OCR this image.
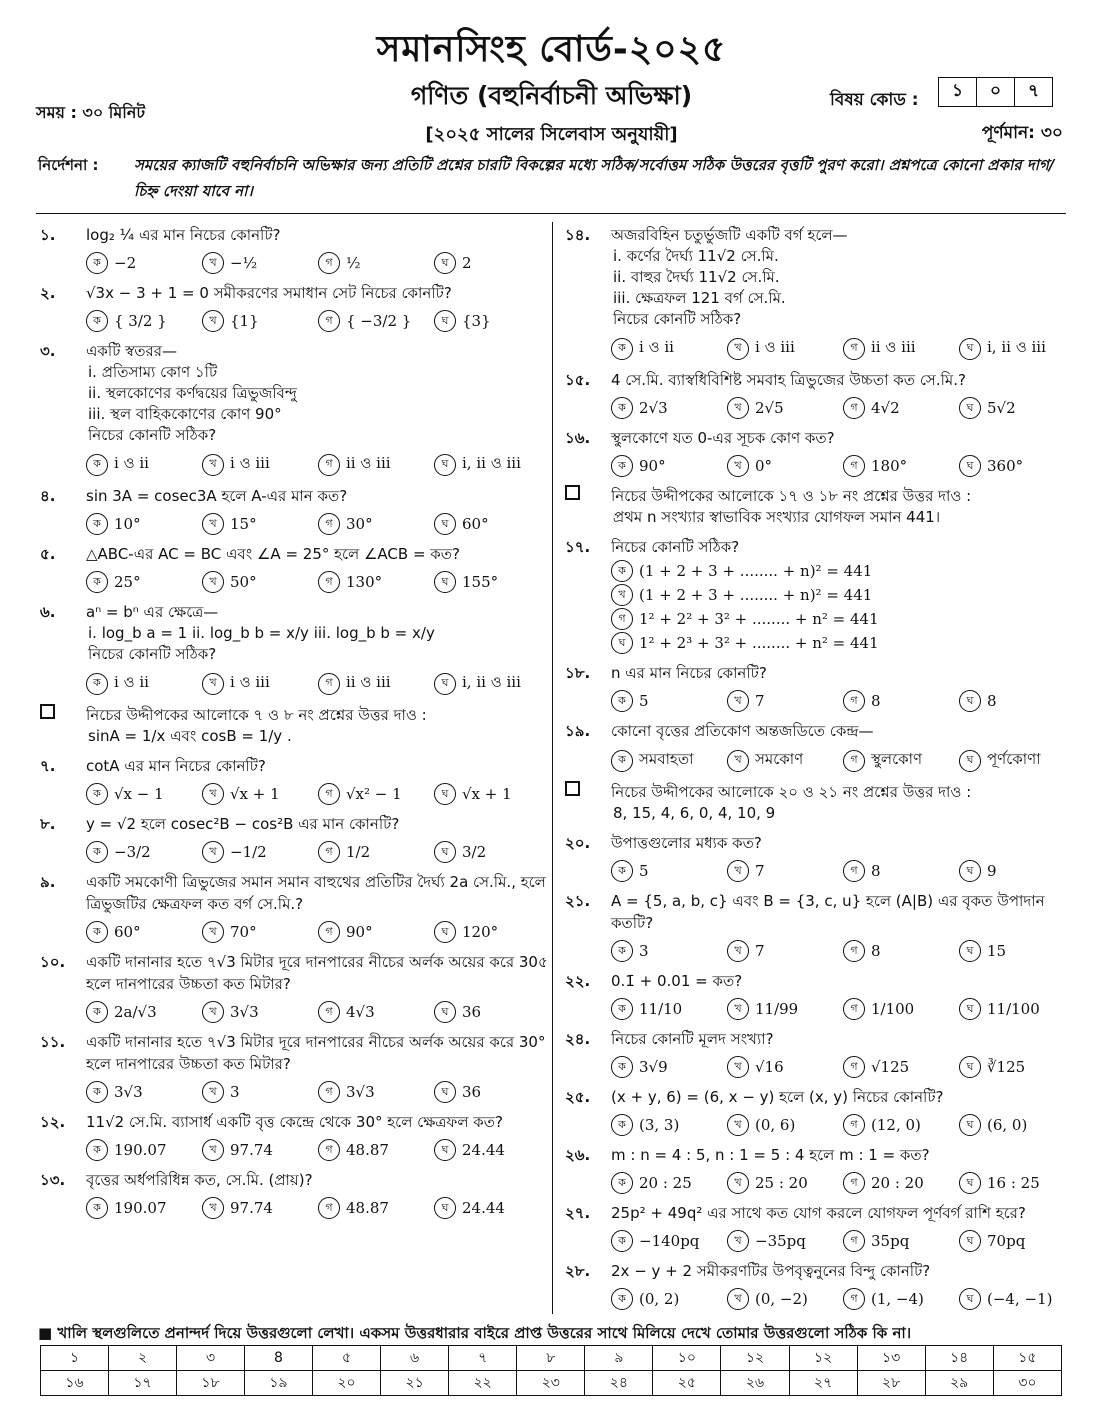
সমানসিংহ বোর্ড-২০২৫
গণিত (বহুনির্বাচনী অভিক্ষা)
[২০২৫ সালের সিলেবাস অনুযায়ী]
সময় : ৩০ মিনিট
বিষয় কোড :	১	০	৭
পূর্ণমান: ৩০
নির্দেশনা : সময়ের ক্যাজটি বহুনির্বাচনি অভিক্ষার জন্য প্রতিটি প্রশ্নের চারটি বিকল্পের মধ্যে সঠিক/সর্বোত্তম সঠিক উত্তরের বৃত্তটি পুরণ করো। প্রশ্নপত্রে কোনো প্রকার দাগ/চিহ্ন দেংয়া যাবে না।
১. log₂ ¼ এর মান নিচের কোনটি?
ক −2	খ −½	গ ½	ঘ 2
২. √3x − 3 + 1 = 0 সমীকরণের সমাধান সেট নিচের কোনটি?
ক { 3/2 }	খ {1}	গ { −3/2 }	ঘ {3}
৩. একটি স্বতরর—
i. প্রতিসাম্য কোণ ১টি
ii. স্থলকোণের কর্ণদ্বয়ের ত্রিভুজবিন্দু
iii. স্থল বাহিককোণের কোণ 90°
নিচের কোনটি সঠিক?
ক i ও ii	খ i ও iii	গ ii ও iii	ঘ i, ii ও iii
৪. sin 3A = cosec3A হলে A-এর মান কত?
ক 10°	খ 15°	গ 30°	ঘ 60°
৫. △ABC-এর AC = BC এবং ∠A = 25° হলে ∠ACB = কত?
ক 25°	খ 50°	গ 130°	ঘ 155°
৬. aⁿ = bⁿ এর ক্ষেত্রে—
i. log_b a = 1 ii. log_b b = x/y iii. log_b b = x/y
নিচের কোনটি সঠিক?
ক i ও ii	খ i ও iii	গ ii ও iii	ঘ i, ii ও iii
নিচের উদ্দীপকের আলোকে ৭ ও ৮ নং প্রশ্নের উত্তর দাও :
sinA = 1/x এবং cosB = 1/y .
৭. cotA এর মান নিচের কোনটি?
ক √x − 1	খ √x + 1	গ √x² − 1	ঘ √x + 1
৮. y = √2 হলে cosec²B − cos²B এর মান কোনটি?
ক −3/2	খ −1/2	গ 1/2	ঘ 3/2
৯. একটি সমকোণী ত্রিভুজের সমান সমান বাহুথের প্রতিটির দৈর্ঘ্য 2a সে.মি., হলে ত্রিভুজটির ক্ষেত্রফল কত বর্গ সে.মি.?
ক 60°	খ 70°	গ 90°	ঘ 120°
১০. একটি দানানার হতে ৭√3 মিটার দূরে দানপারের নীচের অর্লক অয়ের করে 30৫ হলে দানপারের উচ্চতা কত মিটার?
ক 2a/√3	খ 3√3	গ 4√3	ঘ 36
১১. একটি দানানার হতে ৭√3 মিটার দূরে দানপারের নীচের অর্লক অয়ের করে 30° হলে দানপারের উচ্চতা কত মিটার?
ক 3√3	খ 3	গ 3√3	ঘ 36
১২. 11√2 সে.মি. ব্যাসার্ধ একটি বৃত্ত কেন্দ্রে থেকে 30° হলে ক্ষেত্রফল কত?
ক 190.07	খ 97.74	গ 48.87	ঘ 24.44
১৩. বৃত্তের অর্ধপরিধিন্ন কত, সে.মি. (প্রায়)?
ক 190.07	খ 97.74	গ 48.87	ঘ 24.44
১৪. অজরবিহিন চতুর্ভুজটি একটি বর্গ হলে—
i. কর্ণের দৈর্ঘ্য 11√2 সে.মি.
ii. বাহুর দৈর্ঘ্য 11√2 সে.মি.
iii. ক্ষেত্রফল 121 বর্গ সে.মি.
নিচের কোনটি সঠিক?
ক i ও ii	খ i ও iii	গ ii ও iii	ঘ i, ii ও iii
১৫. 4 সে.মি. ব্যাস্বধিবিশিষ্ট সমবাহ ত্রিভুজের উচ্চতা কত সে.মি.?
ক 2√3	খ 2√5	গ 4√2	ঘ 5√2
১৬. স্থুলকোণে যত 0-এর সূচক কোণ কত?
ক 90°	খ 0°	গ 180°	ঘ 360°
নিচের উদ্দীপকের আলোকে ১৭ ও ১৮ নং প্রশ্নের উত্তর দাও :
প্রথম n সংখ্যার স্বাভাবিক সংখ্যার যোগফল সমান 441।
১৭. নিচের কোনটি সঠিক?
ক (1 + 2 + 3 + ........ + n)² = 441
খ (1 + 2 + 3 + ........ + n)² = 441
গ 1² + 2² + 3² + ........ + n² = 441
ঘ 1² + 2³ + 3² + ........ + n² = 441
১৮. n এর মান নিচের কোনটি?
ক 5	খ 7	গ 8	ঘ 8
১৯. কোনো বৃত্তের প্রতিকোণ অন্তজডিতে কেন্দ্র—
ক সমবাহতা	খ সমকোণ	গ স্থুলকোণ	ঘ পূর্ণকোণা
নিচের উদ্দীপকের আলোকে ২০ ও ২১ নং প্রশ্নের উত্তর দাও :
8, 15, 4, 6, 0, 4, 10, 9
২০. উপাত্তগুলোর মধ্যক কত?
ক 5	খ 7	গ 8	ঘ 9
২১. A = {5, a, b, c} এবং B = {3, c, u} হলে (A|B) এর বৃকত উপাদান কতটি?
ক 3	খ 7	গ 8	ঘ 15
২২. 0.1̄ + 0.01 = কত?
ক 11/10	খ 11/99	গ 1/100	ঘ 11/100
২৪. নিচের কোনটি মূলদ সংখ্যা?
ক 3√9	খ √16	গ √125	ঘ ∛125
২৫. (x + y, 6) = (6, x − y) হলে (x, y) নিচের কোনটি?
ক (3, 3)	খ (0, 6)	গ (12, 0)	ঘ (6, 0)
২৬. m : n = 4 : 5, n : 1 = 5 : 4 হলে m : 1 = কত?
ক 20 : 25	খ 25 : 20	গ 20 : 20	ঘ 16 : 25
২৭. 25p² + 49q² এর সাথে কত যোগ করলে যোগফল পূর্ণবর্গ রাশি হরে?
ক −140pq	খ −35pq	গ 35pq	ঘ 70pq
২৮. 2x − y + 2 সমীকরণটির উপবৃত্বনুনের বিন্দু কোনটি?
ক (0, 2)	খ (0, −2)	গ (1, −4)	ঘ (−4, −1)
■ খালি স্থলগুলিতে প্রনান্দর্দ দিয়ে উত্তরগুলো লেখা। একসম উত্তরধারার বাইরে প্রাপ্ত উত্তরের সাথে মিলিয়ে দেখে তোমার উত্তরগুলো সঠিক কি না।
১	২	৩	8	৫	৬	৭	৮	৯	১০	১২	১২	১৩	১৪	১৫
১৬	১৭	১৮	১৯	২০	২১	২২	২৩	২৪	২৫	২৬	২৭	২৮	২৯	৩০
